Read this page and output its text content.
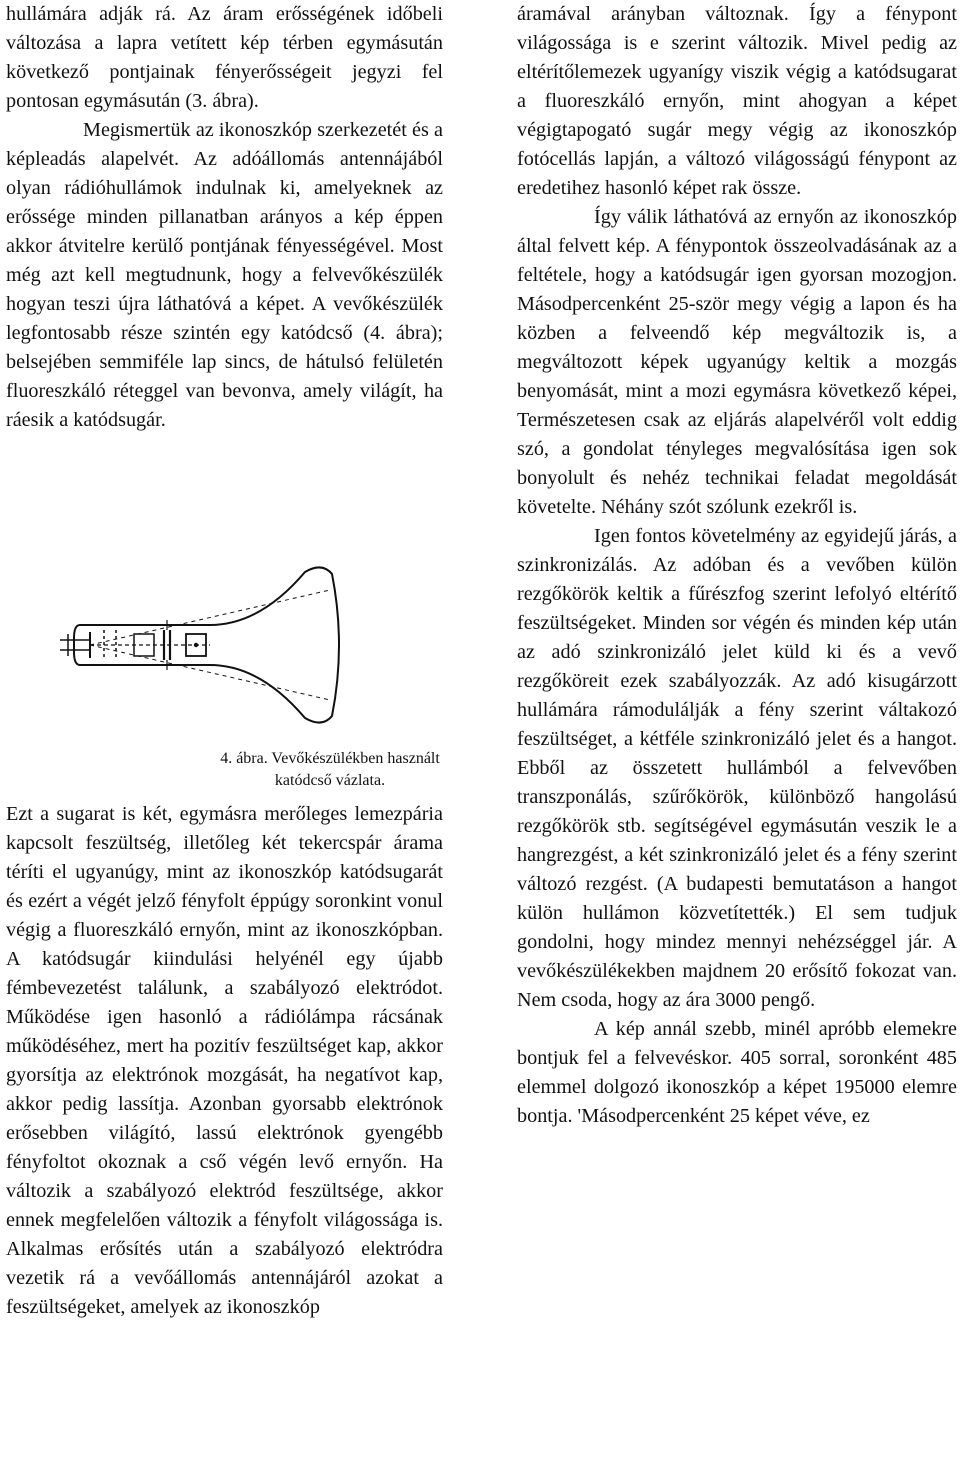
hullámára adják rá. Az áram erősségének időbeli változása a lapra vetített kép térben egymásután következő pontjainak fényerősségeit jegyzi fel pontosan egymásután (3. ábra).

Megismertük az ikonoszkóp szerkezetét és a képleadás alapelvét. Az adóállomás antennájából olyan rádióhullámok indulnak ki, amelyeknek az erőssége minden pillanatban arányos a kép éppen akkor átvitelre kerülő pontjának fényességével. Most még azt kell megtudnunk, hogy a felvevőkészülék hogyan teszi újra láthatóvá a képet. A vevőkészülék legfontosabb része szintén egy katódcső (4. ábra); belsejében semmiféle lap sincs, de hátulsó felületén fluoreszkáló réteggel van bevonva, amely világít, ha ráesik a katódsugár.

4. ábra. Vevőkészülékben használt katódcső vázlata.

Ezt a sugarat is két, egymásra merőleges lemezpária kapcsolt feszültség, illetőleg két tekercspár árama téríti el ugyanúgy, mint az ikonoszkóp katódsugarát és ezért a végét jelző fényfolt éppúgy soronkint vonul végig a fluoreszkáló ernyőn, mint az ikonoszkópban. A katódsugár kiindulási helyénél egy újabb fémbevezetést találunk, a szabályozó elektródot. Működése igen hasonló a rádiólámpa rácsának működéséhez, mert ha pozitív feszültséget kap, akkor gyorsítja az elektrónok mozgását, ha negatívot kap, akkor pedig lassítja. Azonban gyorsabb elektrónok erősebben világító, lassú elektrónok gyengébb fényfoltot okoznak a cső végén levő ernyőn. Ha változik a szabályozó elektród feszültsége, akkor ennek megfelelően változik a fényfolt világossága is. Alkalmas erősítés után a szabályozó elektródra vezetik rá a vevőállomás antennájáról azokat a feszültségeket, amelyek az ikonoszkóp

áramával arányban változnak. Így a fénypont világossága is e szerint változik. Mivel pedig az eltérítőlemezek ugyanígy viszik végig a katódsugarat a fluoreszkáló ernyőn, mint ahogyan a képet végigtapogató sugár megy végig az ikonoszkóp fotócellás lapján, a változó világosságú fénypont az eredetihez hasonló képet rak össze.

Így válik láthatóvá az ernyőn az ikonoszkóp által felvett kép. A fénypontok összeolvadásának az a feltétele, hogy a katódsugár igen gyorsan mozogjon. Másodpercenként 25-ször megy végig a lapon és ha közben a felveendő kép megváltozik is, a megváltozott képek ugyanúgy keltik a mozgás benyomását, mint a mozi egymásra következő képei, Természetesen csak az eljárás alapelvéről volt eddig szó, a gondolat tényleges megvalósítása igen sok bonyolult és nehéz technikai feladat megoldását követelte. Néhány szót szólunk ezekről is.

Igen fontos követelmény az egyidejű járás, a szinkronizálás. Az adóban és a vevőben külön rezgőkörök keltik a fűrészfog szerint lefolyó eltérítő feszültségeket. Minden sor végén és minden kép után az adó szinkronizáló jelet küld ki és a vevő rezgőköreit ezek szabályozzák. Az adó kisugárzott hullámára rámodulálják a fény szerint váltakozó feszültséget, a kétféle szinkronizáló jelet és a hangot. Ebből az összetett hullámból a felvevőben transzponálás, szűrőkörök, különböző hangolású rezgőkörök stb. segítségével egymásután veszik le a hangrezgést, a két szinkronizáló jelet és a fény szerint változó rezgést. (A budapesti bemutatáson a hangot külön hullámon közvetítették.) El sem tudjuk gondolni, hogy mindez mennyi nehézséggel jár. A vevőkészülékekben majdnem 20 erősítő fokozat van. Nem csoda, hogy az ára 3000 pengő.

A kép annál szebb, minél apróbb elemekre bontjuk fel a felvevéskor. 405 sorral, soronként 485 elemmel dolgozó ikonoszkóp a képet 195000 elemre bontja. 'Másodpercenként 25 képet véve, ez
